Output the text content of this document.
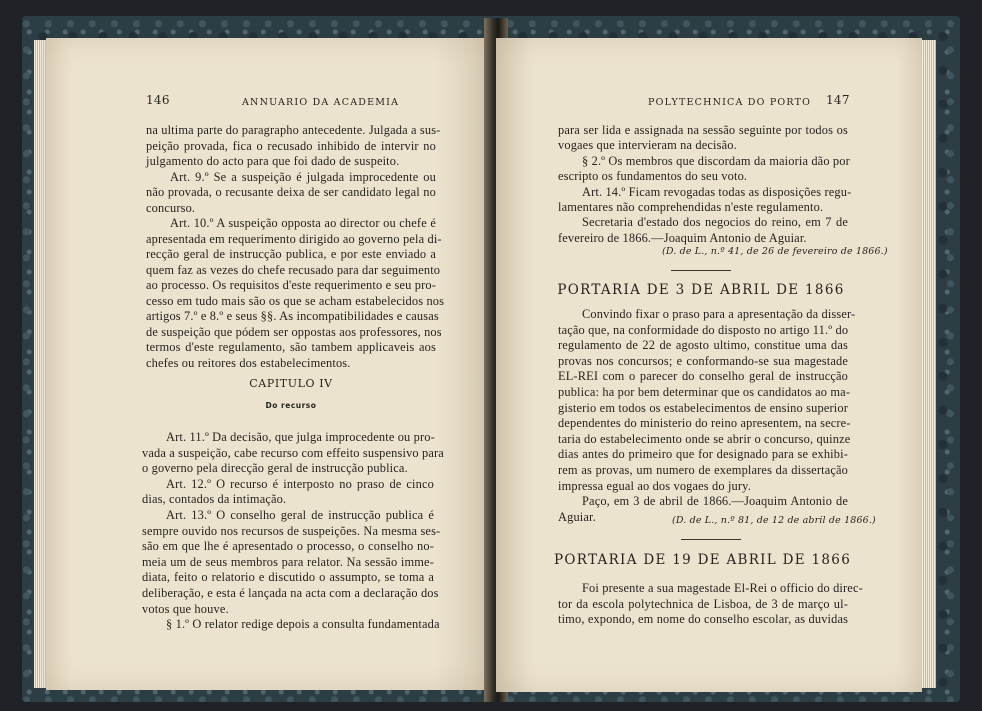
146	ANNUARIO DA ACADEMIA
na ultima parte do paragrapho antecedente. Julgada a sus-
peição provada, fica o recusado inhibido de intervir no
julgamento do acto para que foi dado de suspeito.
Art. 9.º Se a suspeição é julgada improcedente ou
não provada, o recusante deixa de ser candidato legal no
concurso.
Art. 10.º A suspeição opposta ao director ou chefe é
apresentada em requerimento dirigido ao governo pela di-
recção geral de instrucção publica, e por este enviado a
quem faz as vezes do chefe recusado para dar seguimento
ao processo. Os requisitos d'este requerimento e seu pro-
cesso em tudo mais são os que se acham estabelecidos nos
artigos 7.º e 8.º e seus §§. As incompatibilidades e causas
de suspeição que pódem ser oppostas aos professores, nos
termos d'este regulamento, são tambem applicaveis aos
chefes ou reitores dos estabelecimentos.
CAPITULO IV
Do recurso
Art. 11.º Da decisão, que julga improcedente ou pro-
vada a suspeição, cabe recurso com effeito suspensivo para
o governo pela direcção geral de instrucção publica.
Art. 12.º O recurso é interposto no praso de cinco
dias, contados da intimação.
Art. 13.º O conselho geral de instrucção publica é
sempre ouvido nos recursos de suspeições. Na mesma ses-
são em que lhe é apresentado o processo, o conselho no-
meia um de seus membros para relator. Na sessão imme-
diata, feito o relatorio e discutido o assumpto, se toma a
deliberação, e esta é lançada na acta com a declaração dos
votos que houve.
§ 1.º O relator redige depois a consulta fundamentada
POLYTECHNICA DO PORTO 147
para ser lida e assignada na sessão seguinte por todos os
vogaes que intervieram na decisão.
§ 2.º Os membros que discordam da maioria dão por
escripto os fundamentos do seu voto.
Art. 14.º Ficam revogadas todas as disposições regu-
lamentares não comprehendidas n'este regulamento.
Secretaria d'estado dos negocios do reino, em 7 de
fevereiro de 1866.—Joaquim Antonio de Aguiar.
(D. de L., n.º 41, de 26 de fevereiro de 1866.)
PORTARIA DE 3 DE ABRIL DE 1866
Convindo fixar o praso para a apresentação da disser-
tação que, na conformidade do disposto no artigo 11.º do
regulamento de 22 de agosto ultimo, constitue uma das
provas nos concursos; e conformando-se sua magestade
EL-REI com o parecer do conselho geral de instrucção
publica: ha por bem determinar que os candidatos ao ma-
gisterio em todos os estabelecimentos de ensino superior
dependentes do ministerio do reino apresentem, na secre-
taria do estabelecimento onde se abrir o concurso, quinze
dias antes do primeiro que for designado para se exhibi-
rem as provas, um numero de exemplares da dissertação
impressa egual ao dos vogaes do jury.
Paço, em 3 de abril de 1866.—Joaquim Antonio de
Aguiar.	(D. de L., n.º 81, de 12 de abril de 1866.)
PORTARIA DE 19 DE ABRIL DE 1866
Foi presente a sua magestade El-Rei o officio do direc-
tor da escola polytechnica de Lisboa, de 3 de março ul-
timo, expondo, em nome do conselho escolar, as duvidas
